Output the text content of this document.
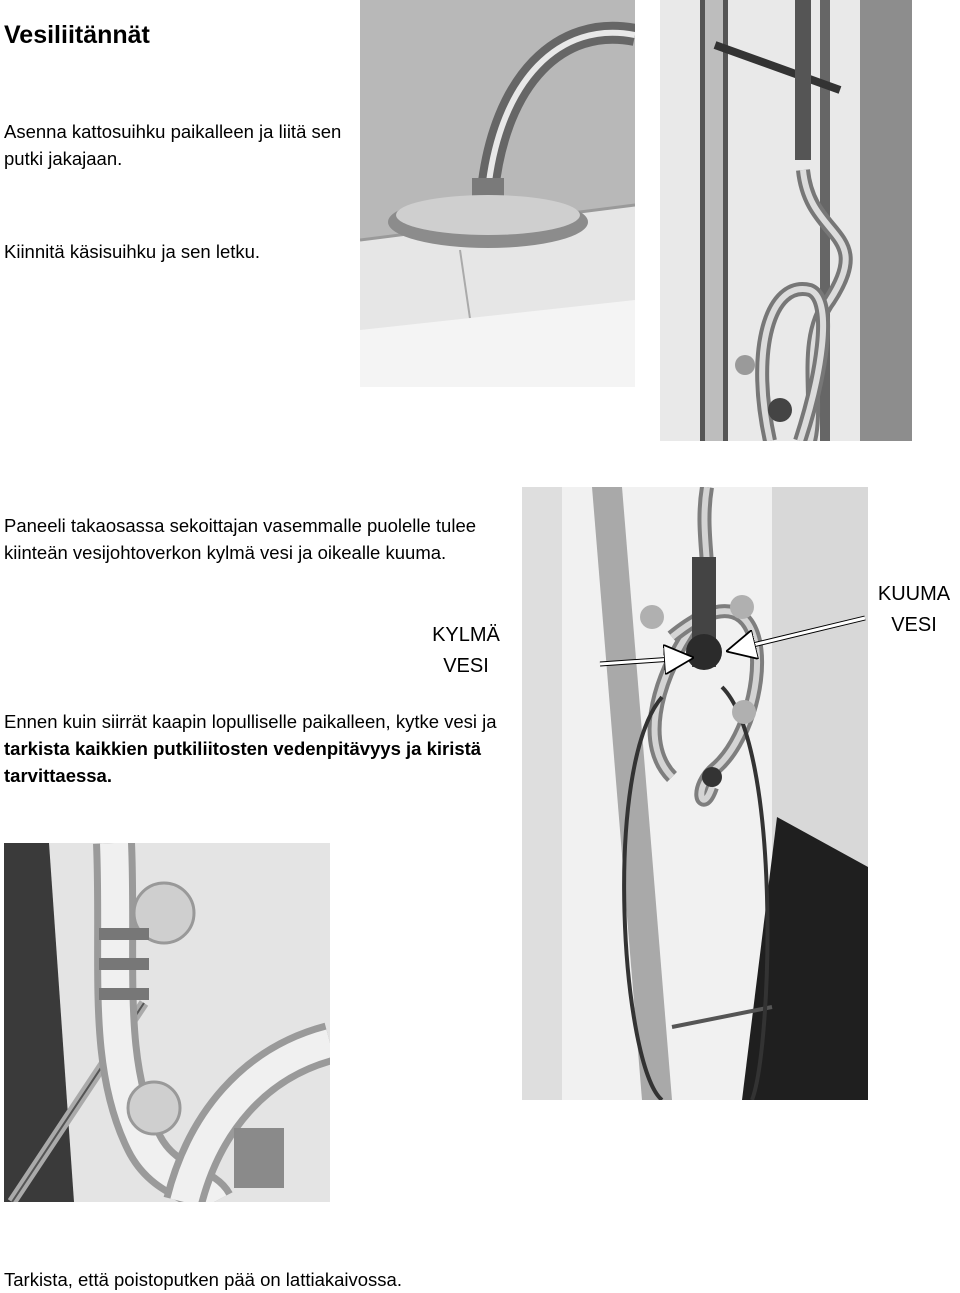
Vesiliitännät
Asenna kattosuihku paikalleen ja liitä sen putki jakajaan.
Kiinnitä käsisuihku ja sen letku.
Paneeli takaosassa sekoittajan vasemmalle puolelle tulee kiinteän vesijohtoverkon kylmä vesi ja oikealle kuuma.
Ennen kuin siirrät kaapin lopulliselle paikalleen, kytke vesi ja tarkista kaikkien putkiliitosten vedenpitävyys ja kiristä tarvittaessa.
Tarkista, että poistoputken pää on lattiakaivossa.
KYLMÄ
VESI
KUUMA
VESI
